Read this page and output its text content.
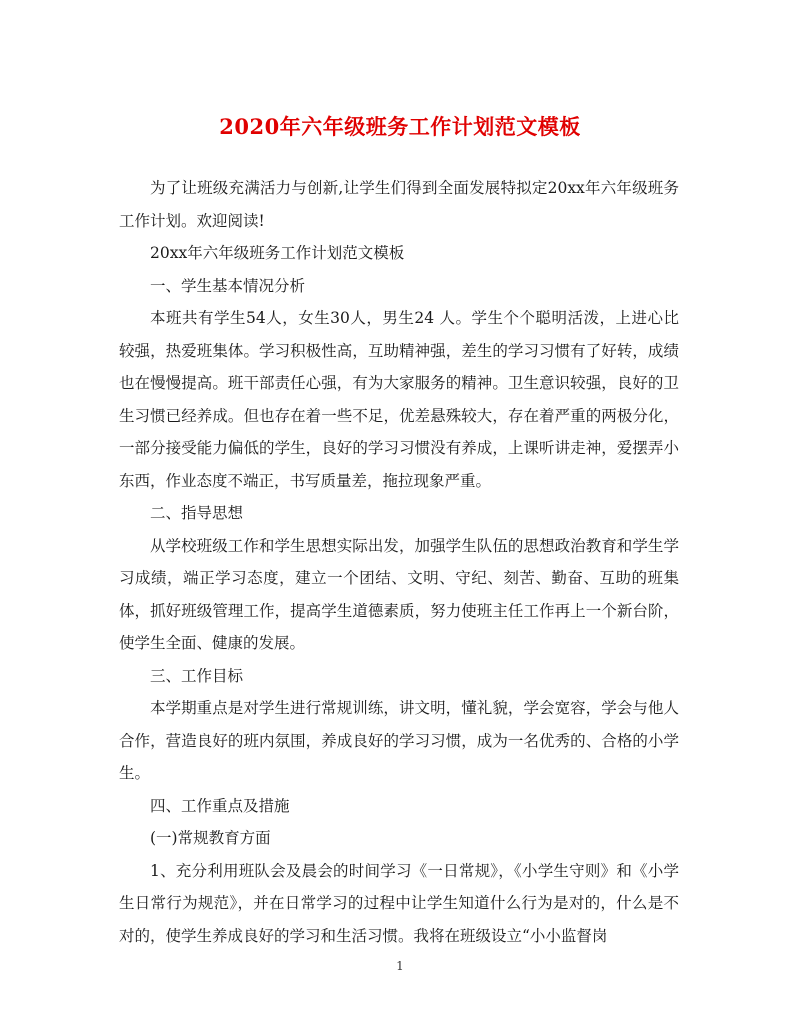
2020年六年级班务工作计划范文模板

为了让班级充满活力与创新,让学生们得到全面发展特拟定20xx年六年级班务工作计划。欢迎阅读!

20xx年六年级班务工作计划范文模板

一、学生基本情况分析

本班共有学生54人，女生30人，男生24 人。学生个个聪明活泼，上进心比较强，热爱班集体。学习积极性高，互助精神强，差生的学习习惯有了好转，成绩也在慢慢提高。班干部责任心强，有为大家服务的精神。卫生意识较强，良好的卫生习惯已经养成。但也存在着一些不足，优差悬殊较大，存在着严重的两极分化，一部分接受能力偏低的学生，良好的学习习惯没有养成，上课听讲走神，爱摆弄小东西，作业态度不端正，书写质量差，拖拉现象严重。

二、指导思想

从学校班级工作和学生思想实际出发，加强学生队伍的思想政治教育和学生学习成绩，端正学习态度，建立一个团结、文明、守纪、刻苦、勤奋、互助的班集体，抓好班级管理工作，提高学生道德素质，努力使班主任工作再上一个新台阶，使学生全面、健康的发展。

三、工作目标

本学期重点是对学生进行常规训练，讲文明，懂礼貌，学会宽容，学会与他人合作，营造良好的班内氛围，养成良好的学习习惯，成为一名优秀的、合格的小学生。

四、工作重点及措施

(一)常规教育方面

1、充分利用班队会及晨会的时间学习《一日常规》，《小学生守则》和《小学生日常行为规范》，并在日常学习的过程中让学生知道什么行为是对的，什么是不对的，使学生养成良好的学习和生活习惯。我将在班级设立“小小监督岗

1
